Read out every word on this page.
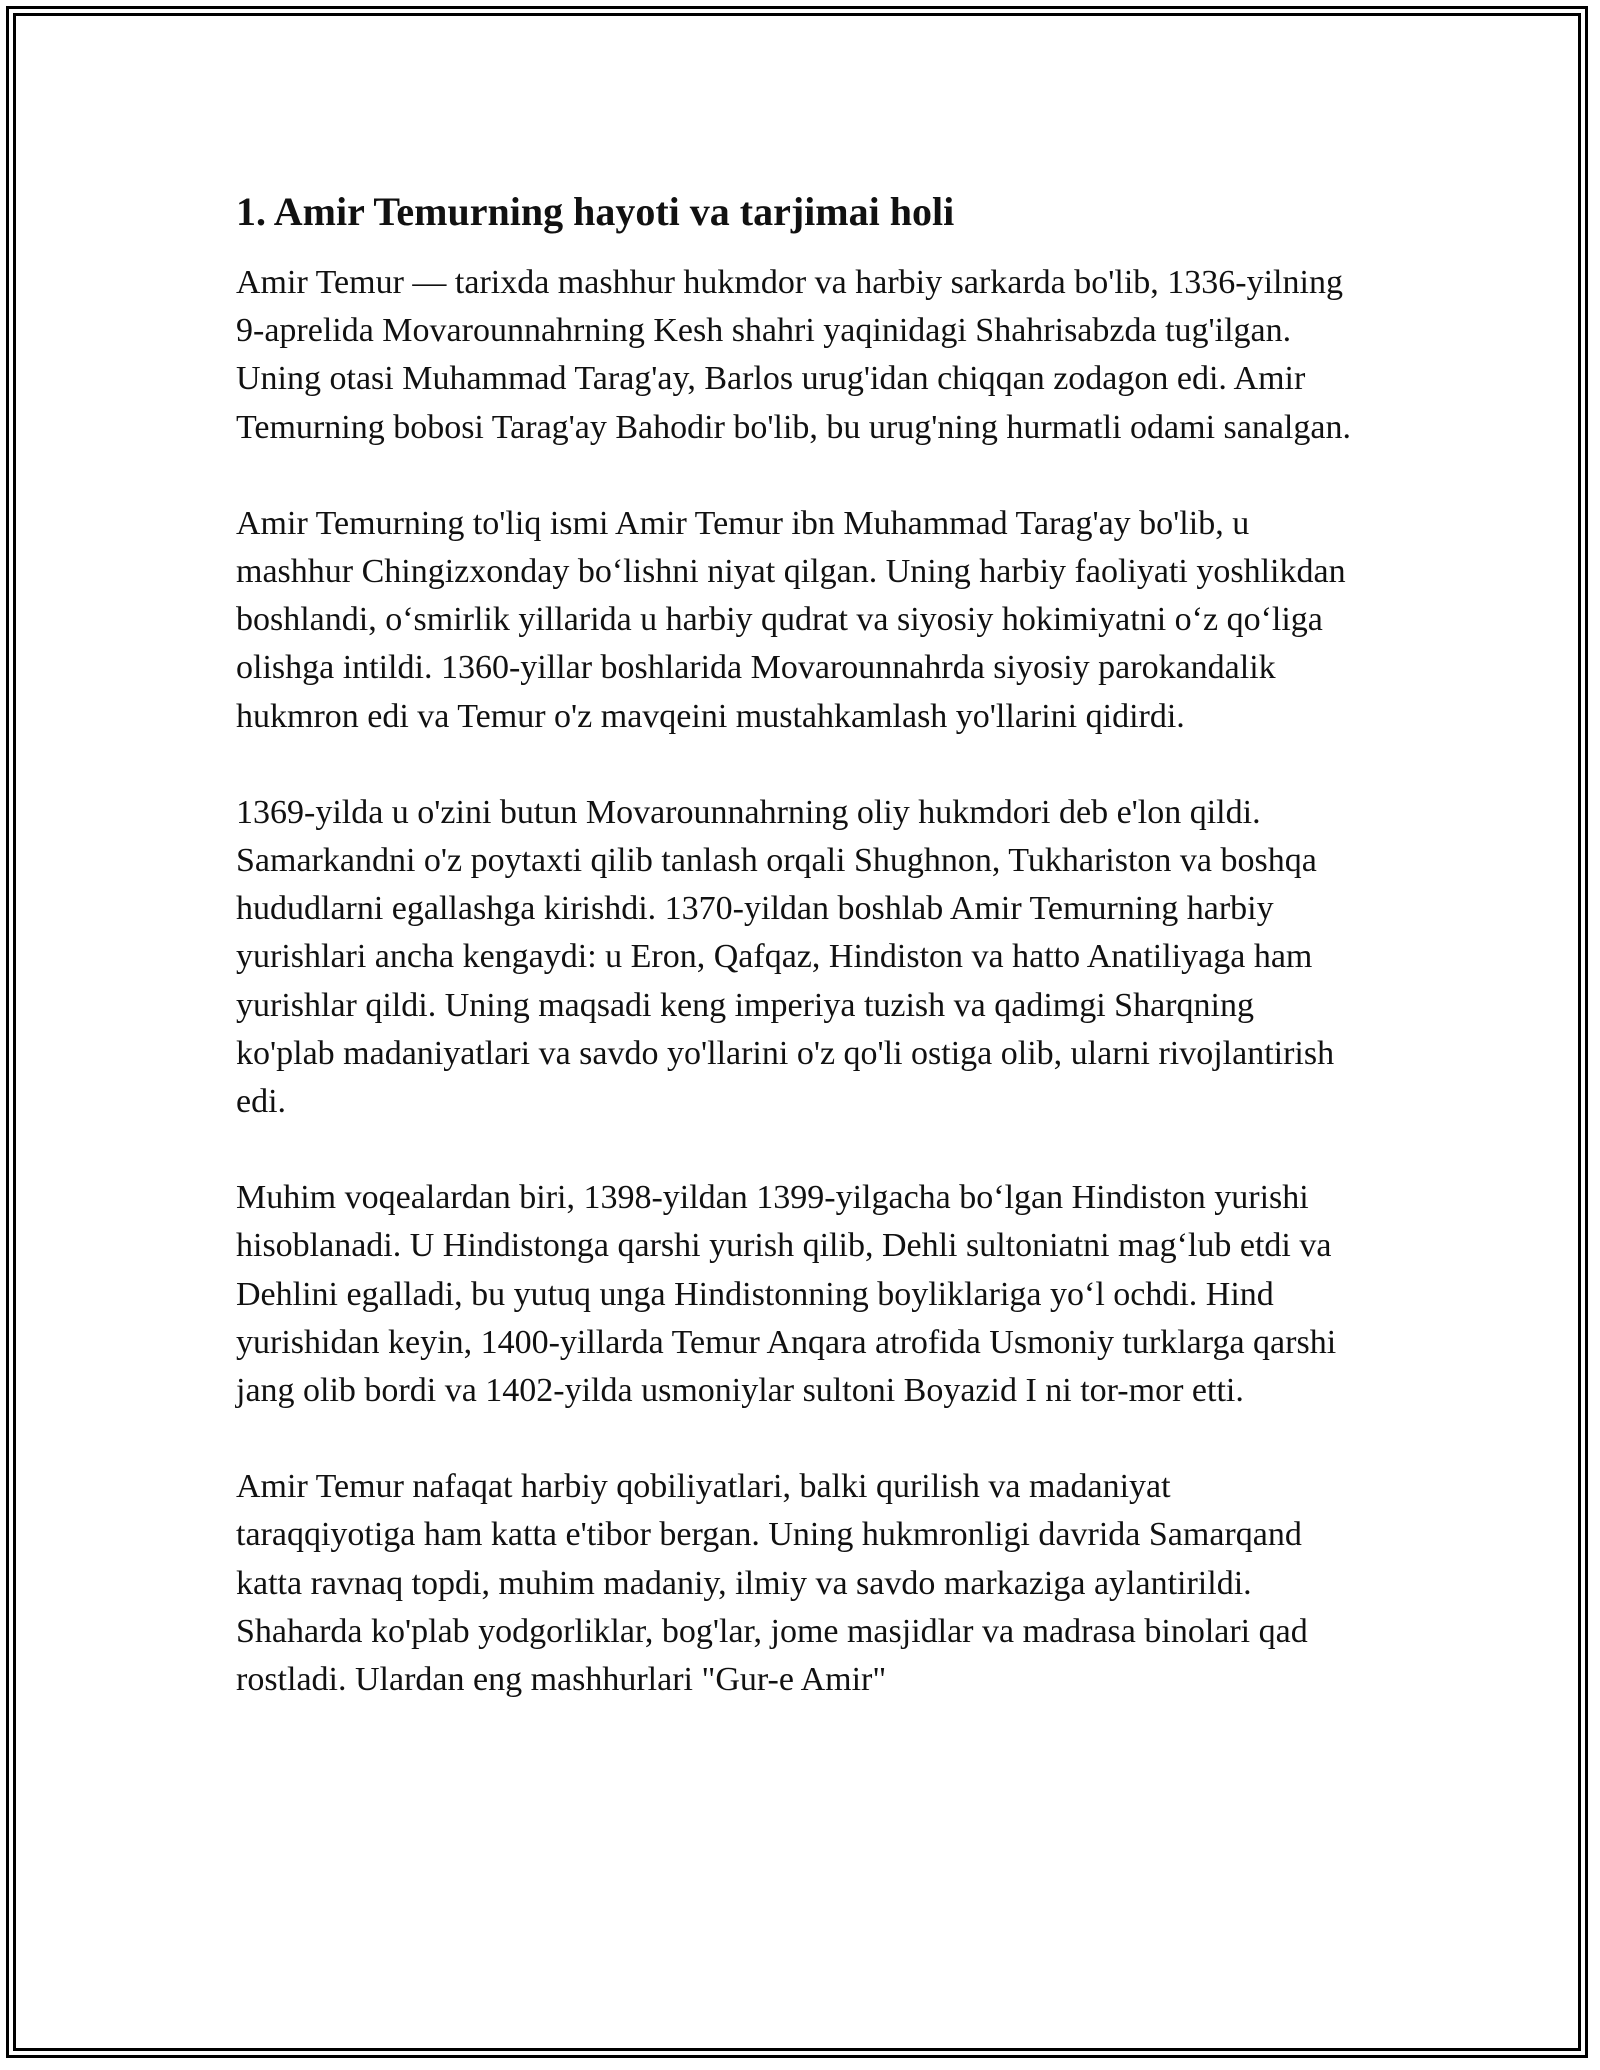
1. Amir Temurning hayoti va tarjimai holi

Amir Temur — tarixda mashhur hukmdor va harbiy sarkarda bo'lib, 1336-yilning 9-aprelida Movarounnahrning Kesh shahri yaqinidagi Shahrisabzda tug'ilgan. Uning otasi Muhammad Tarag'ay, Barlos urug'idan chiqqan zodagon edi. Amir Temurning bobosi Tarag'ay Bahodir bo'lib, bu urug'ning hurmatli odami sanalgan.

Amir Temurning to'liq ismi Amir Temur ibn Muhammad Tarag'ay bo'lib, u mashhur Chingizxonday bo‘lishni niyat qilgan. Uning harbiy faoliyati yoshlikdan boshlandi, o‘smirlik yillarida u harbiy qudrat va siyosiy hokimiyatni o‘z qo‘liga olishga intildi. 1360-yillar boshlarida Movarounnahrda siyosiy parokandalik hukmron edi va Temur o'z mavqeini mustahkamlash yo'llarini qidirdi.

1369-yilda u o'zini butun Movarounnahrning oliy hukmdori deb e'lon qildi. Samarkandni o'z poytaxti qilib tanlash orqali Shughnon, Tukhariston va boshqa hududlarni egallashga kirishdi. 1370-yildan boshlab Amir Temurning harbiy yurishlari ancha kengaydi: u Eron, Qafqaz, Hindiston va hatto Anatiliyaga ham yurishlar qildi. Uning maqsadi keng imperiya tuzish va qadimgi Sharqning ko'plab madaniyatlari va savdo yo'llarini o'z qo'li ostiga olib, ularni rivojlantirish edi.

Muhim voqealardan biri, 1398-yildan 1399-yilgacha bo‘lgan Hindiston yurishi hisoblanadi. U Hindistonga qarshi yurish qilib, Dehli sultoniatni mag‘lub etdi va Dehlini egalladi, bu yutuq unga Hindistonning boyliklariga yo‘l ochdi. Hind yurishidan keyin, 1400-yillarda Temur Anqara atrofida Usmoniy turklarga qarshi jang olib bordi va 1402-yilda usmoniylar sultoni Boyazid I ni tor-mor etti.

Amir Temur nafaqat harbiy qobiliyatlari, balki qurilish va madaniyat taraqqiyotiga ham katta e'tibor bergan. Uning hukmronligi davrida Samarqand katta ravnaq topdi, muhim madaniy, ilmiy va savdo markaziga aylantirildi. Shaharda ko'plab yodgorliklar, bog'lar, jome masjidlar va madrasa binolari qad rostladi. Ulardan eng mashhurlari "Gur-e Amir"
